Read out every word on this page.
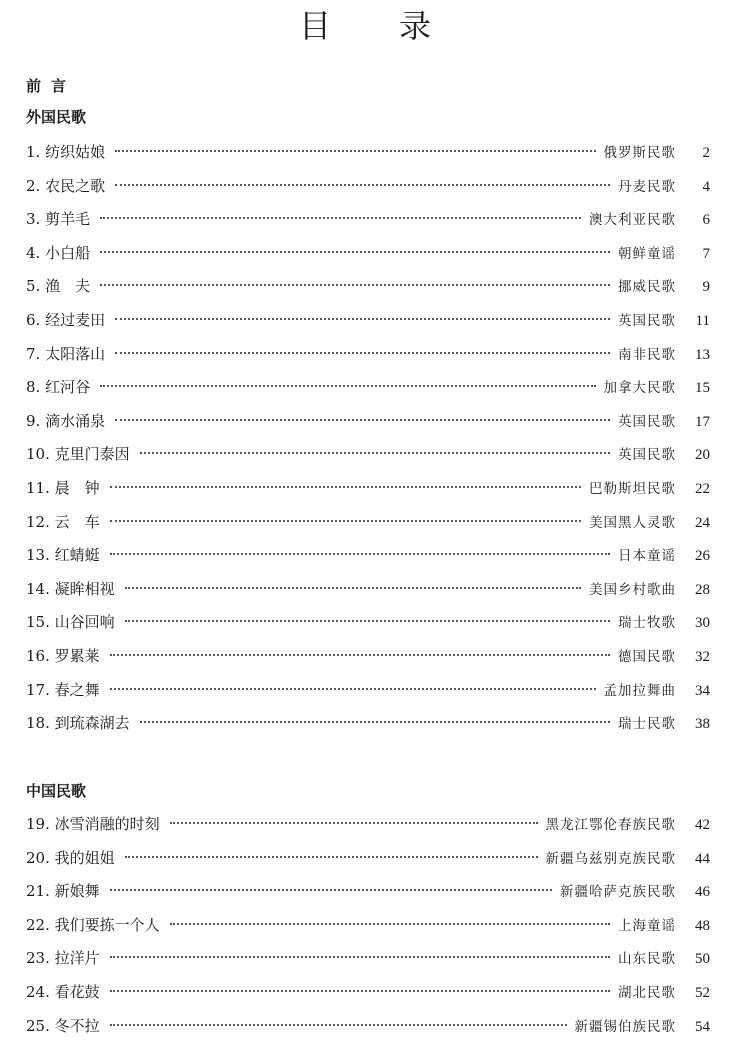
目录
前言
外国民歌
1. 纺织姑娘	俄罗斯民歌	2
2. 农民之歌	丹麦民歌	4
3. 剪羊毛	澳大利亚民歌	6
4. 小白船	朝鲜童谣	7
5. 渔　夫	挪威民歌	9
6. 经过麦田	英国民歌	11
7. 太阳落山	南非民歌	13
8. 红河谷	加拿大民歌	15
9. 滴水涌泉	英国民歌	17
10. 克里门泰因	英国民歌	20
11. 晨　钟	巴勒斯坦民歌	22
12. 云　车	美国黑人灵歌	24
13. 红蜻蜓	日本童谣	26
14. 凝眸相视	美国乡村歌曲	28
15. 山谷回响	瑞士牧歌	30
16. 罗累莱	德国民歌	32
17. 春之舞	孟加拉舞曲	34
18. 到琉森湖去	瑞士民歌	38
中国民歌
19. 冰雪消融的时刻	黑龙江鄂伦春族民歌	42
20. 我的姐姐	新疆乌兹别克族民歌	44
21. 新娘舞	新疆哈萨克族民歌	46
22. 我们要拣一个人	上海童谣	48
23. 拉洋片	山东民歌	50
24. 看花鼓	湖北民歌	52
25. 冬不拉	新疆锡伯族民歌	54
